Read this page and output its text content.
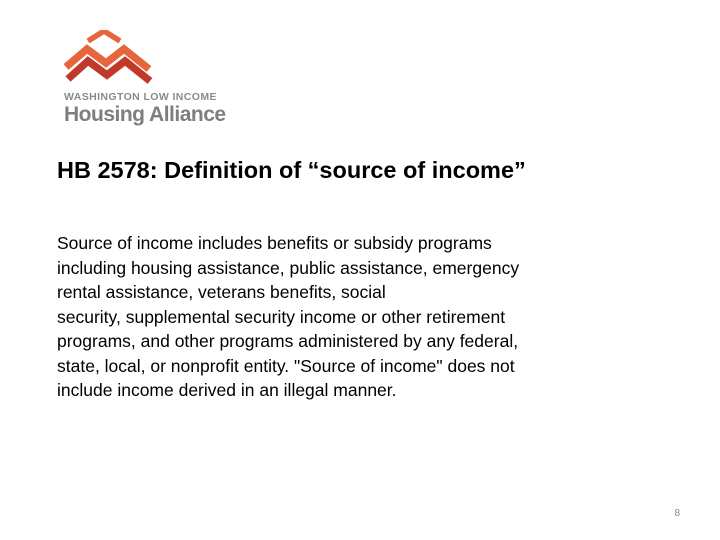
WASHINGTON LOW INCOME
Housing Alliance
HB 2578: Definition of “source of income”
Source of income includes benefits or subsidy programs
including housing assistance, public assistance, emergency
rental assistance, veterans benefits, social
security, supplemental security income or other retirement
programs, and other programs administered by any federal,
state, local, or nonprofit entity. "Source of income" does not
include income derived in an illegal manner.
8
